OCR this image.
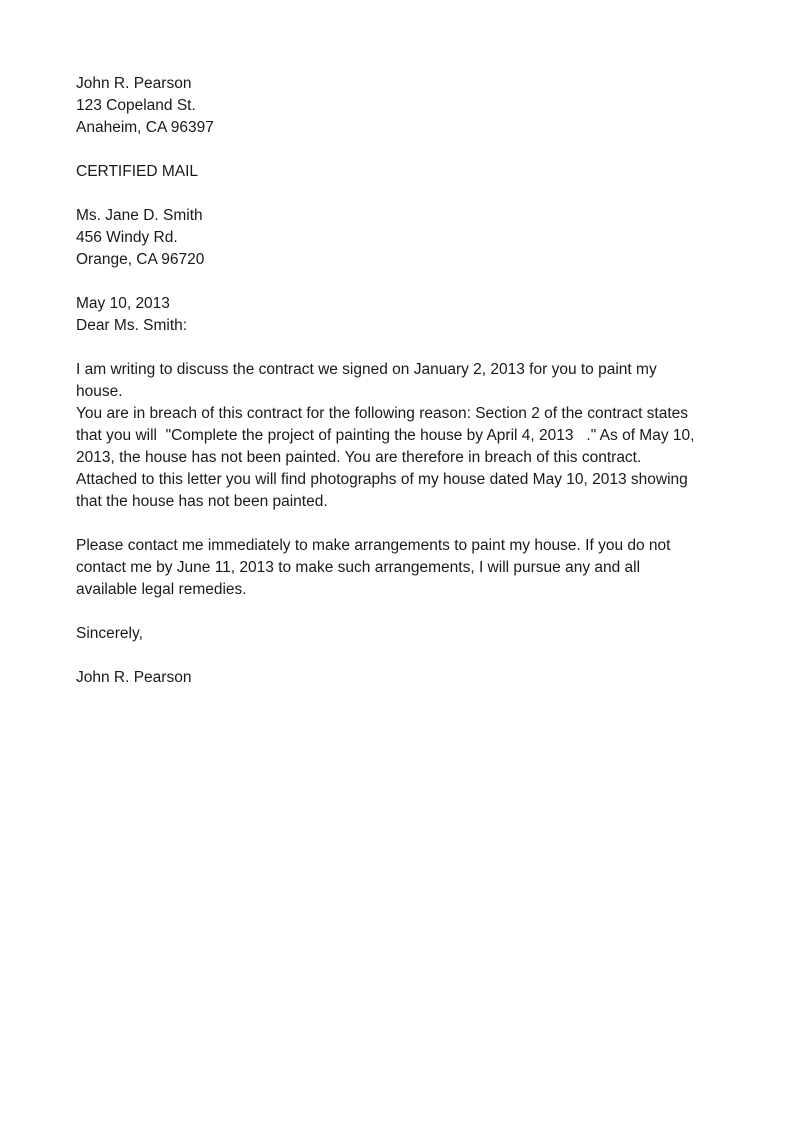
John R. Pearson
123 Copeland St.
Anaheim, CA 96397
CERTIFIED MAIL
Ms. Jane D. Smith
456 Windy Rd.
Orange, CA 96720
May 10, 2013
Dear Ms. Smith:
I am writing to discuss the contract we signed on January 2, 2013 for you to paint my
house.
You are in breach of this contract for the following reason: Section 2 of the contract states
that you will  "Complete the project of painting the house by April 4, 2013   ." As of May 10,
2013, the house has not been painted. You are therefore in breach of this contract.
Attached to this letter you will find photographs of my house dated May 10, 2013 showing
that the house has not been painted.
Please contact me immediately to make arrangements to paint my house. If you do not
contact me by June 11, 2013 to make such arrangements, I will pursue any and all
available legal remedies.
Sincerely,
John R. Pearson
